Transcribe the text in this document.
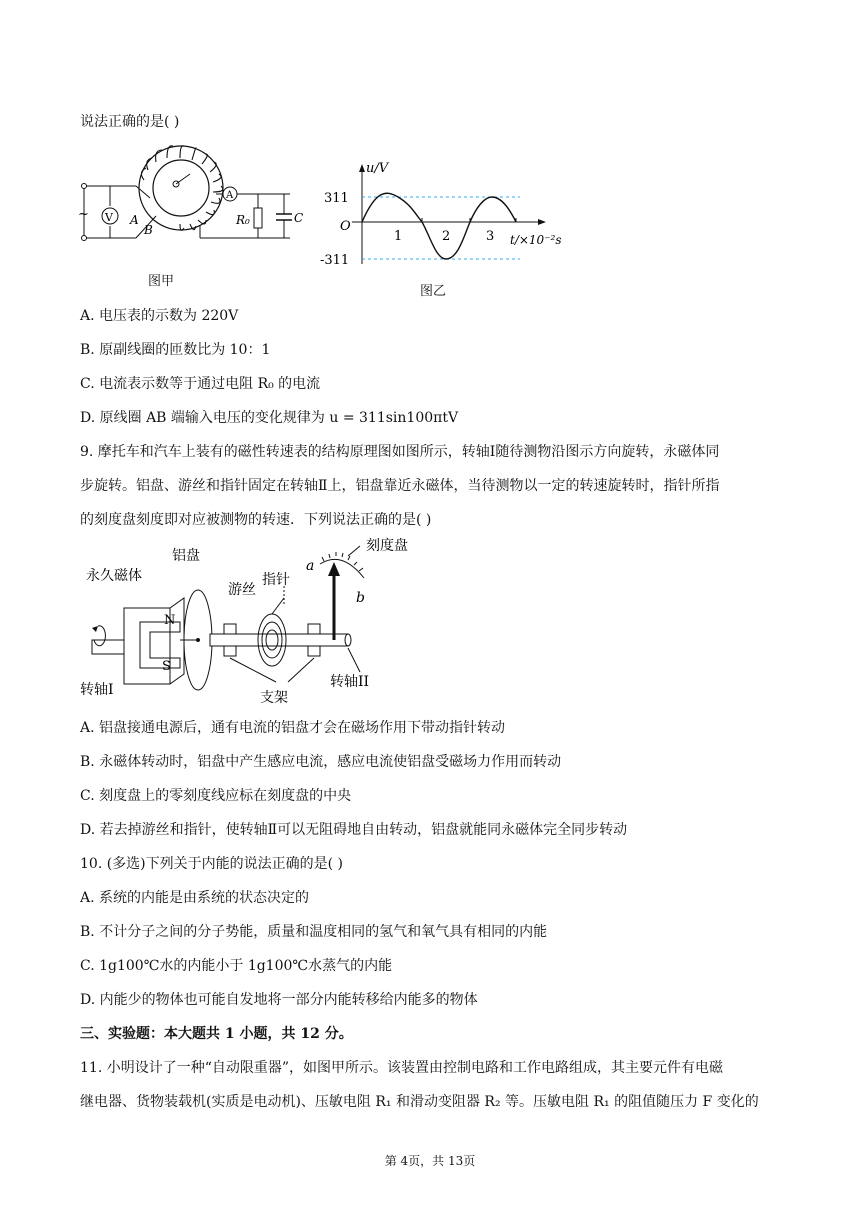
说法正确的是( )
~ V A
B
A
R₀	C
图甲
u/V
t/×10⁻²s
311
-311
O
1	2	3
图乙
A. 电压表的示数为 220V
B. 原副线圈的匝数比为 10：1
C. 电流表示数等于通过电阻 R₀ 的电流
D. 原线圈 AB 端输入电压的变化规律为 u = 311sin100πtV
9. 摩托车和汽车上装有的磁性转速表的结构原理图如图所示，转轴Ⅰ随待测物沿图示方向旋转，永磁体同
步旋转。铝盘、游丝和指针固定在转轴Ⅱ上，铝盘靠近永磁体，当待测物以一定的转速旋转时，指针所指
的刻度盘刻度即对应被测物的转速．下列说法正确的是( )
永久磁体
铝盘
游丝
指针
刻度盘
转轴I	转轴II
支架
N
S
a
b
A. 铝盘接通电源后，通有电流的铝盘才会在磁场作用下带动指针转动
B. 永磁体转动时，铝盘中产生感应电流，感应电流使铝盘受磁场力作用而转动
C. 刻度盘上的零刻度线应标在刻度盘的中央
D. 若去掉游丝和指针，使转轴Ⅱ可以无阻碍地自由转动，铝盘就能同永磁体完全同步转动
10. (多选)下列关于内能的说法正确的是( )
A. 系统的内能是由系统的状态决定的
B. 不计分子之间的分子势能，质量和温度相同的氢气和氧气具有相同的内能
C. 1g100℃水的内能小于 1g100℃水蒸气的内能
D. 内能少的物体也可能自发地将一部分内能转移给内能多的物体
三、实验题：本大题共 1 小题，共 12 分。
11. 小明设计了一种“自动限重器”，如图甲所示。该装置由控制电路和工作电路组成，其主要元件有电磁
继电器、货物装载机(实质是电动机)、压敏电阻 R₁ 和滑动变阻器 R₂ 等。压敏电阻 R₁ 的阻值随压力 F 变化的
第 4页，共 13页
